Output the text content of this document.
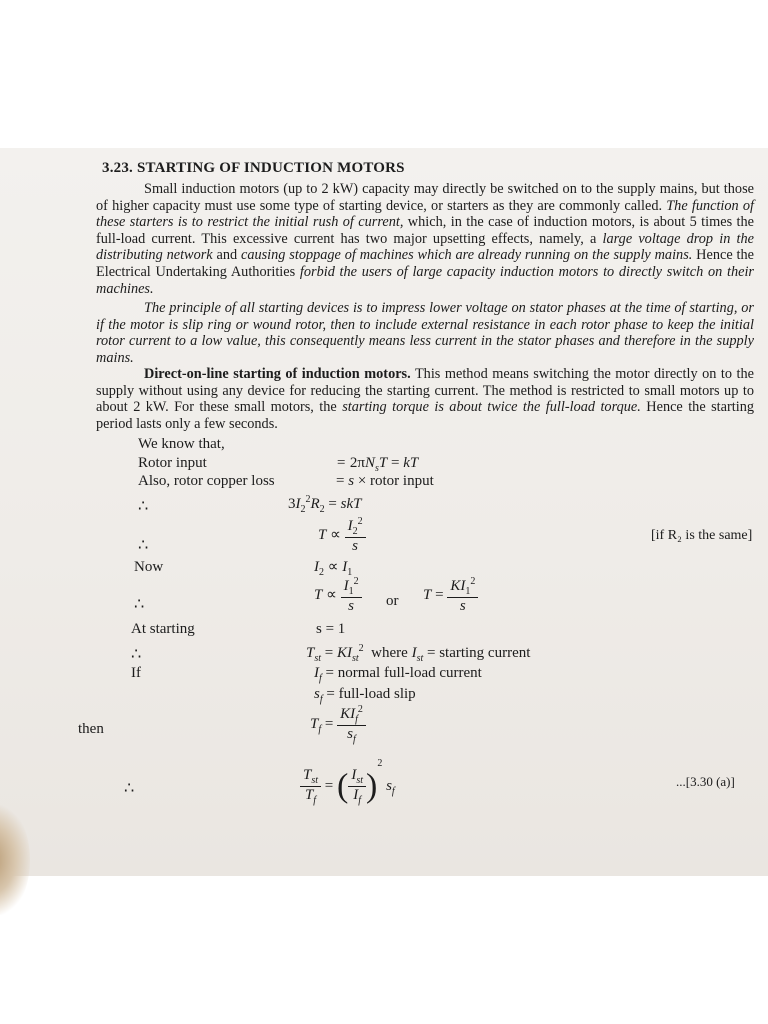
3.23. STARTING OF INDUCTION MOTORS
Small induction motors (up to 2 kW) capacity may directly be switched on to the supply mains, but those of higher capacity must use some type of starting device, or starters as they are commonly called. The function of these starters is to restrict the initial rush of current, which, in the case of induction motors, is about 5 times the full-load current. This excessive current has two major upsetting effects, namely, a large voltage drop in the distributing network and causing stoppage of machines which are already running on the supply mains. Hence the Electrical Undertaking Authorities forbid the users of large capacity induction motors to directly switch on their machines.
The principle of all starting devices is to impress lower voltage on stator phases at the time of starting, or if the motor is slip ring or wound rotor, then to include external resistance in each rotor phase to keep the initial rotor current to a low value, this consequently means less current in the stator phases and therefore in the supply mains.
Direct-on-line starting of induction motors. This method means switching the motor directly on to the supply without using any device for reducing the starting current. The method is restricted to small motors up to about 2 kW. For these small motors, the starting torque is about twice the full-load torque. Hence the starting period lasts only a few seconds.
We know that,
Rotor input	= $2\pi N_sT$ = kT
Also, rotor copper loss	= s × rotor input
∴	$3I_2^2R_2$ = skT
∴
$T \propto \frac{I_2^2}{s}$	[if R₂ is the same]
Now	$I_2 \propto I_1$
∴	$T \propto \frac{I_1^2}{s}$ or $T = \frac{KI_1^2}{s}$
At starting	s = 1
∴	$T_{st} = KI_{st}^2$ where $I_{st}$ = starting current
If	$I_f$ = normal full-load current
$s_f$ = full-load slip
then	$T_f = \frac{KI_f^2}{s_f}$
∴	$\frac{T_{st}}{T_f}$ = ( $\frac{I_{st}}{I_f} )^2$ $s_f$
...[3.30 (a)]
